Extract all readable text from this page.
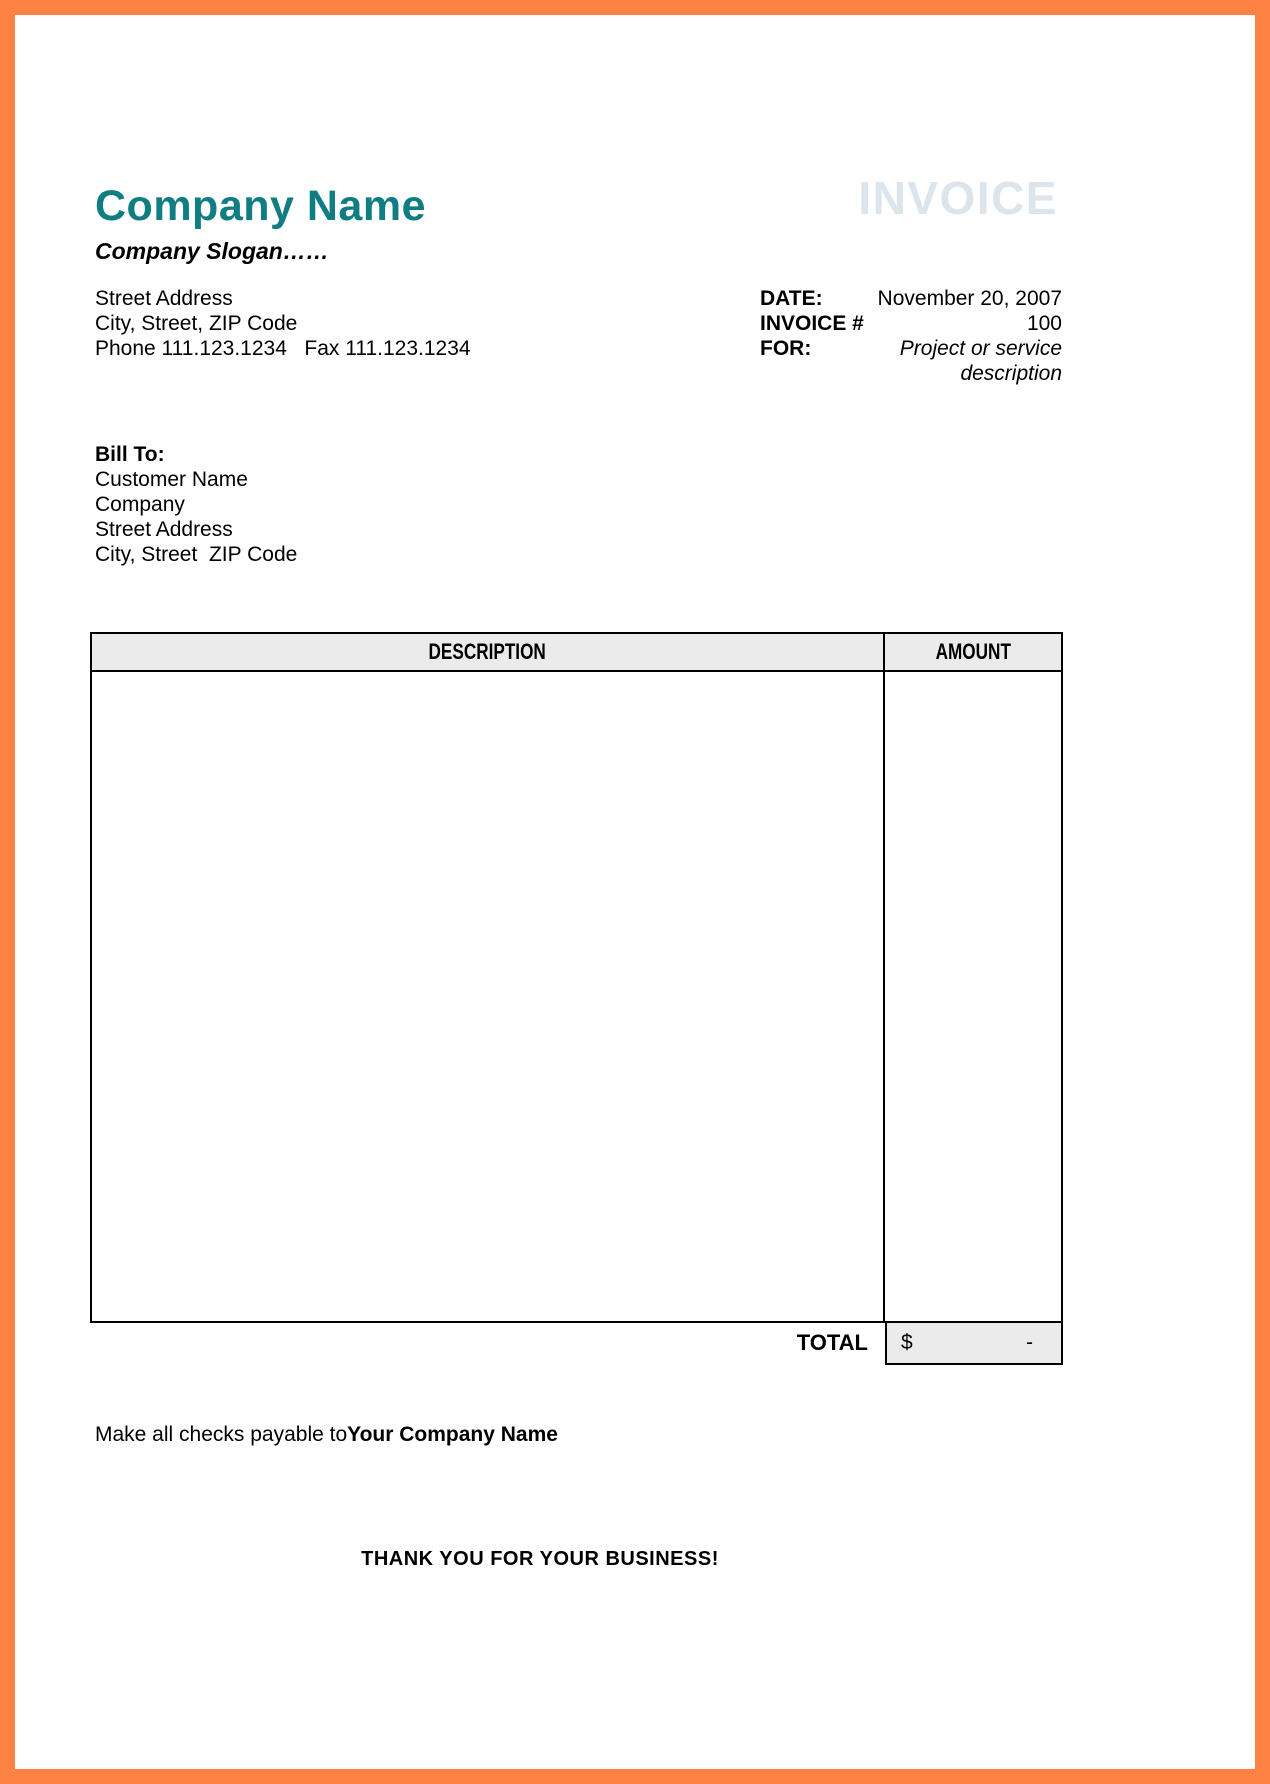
Company Name
Company Slogan……
Street Address
City, Street, ZIP Code
Phone 111.123.1234   Fax 111.123.1234
INVOICE
DATE:	November 20, 2007
INVOICE #	100
FOR:	Project or service description
Bill To:
Customer Name
Company
Street Address
City, Street  ZIP Code
DESCRIPTION	AMOUNT
TOTAL $	-
Make all checks payable toYour Company Name
THANK YOU FOR YOUR BUSINESS!
